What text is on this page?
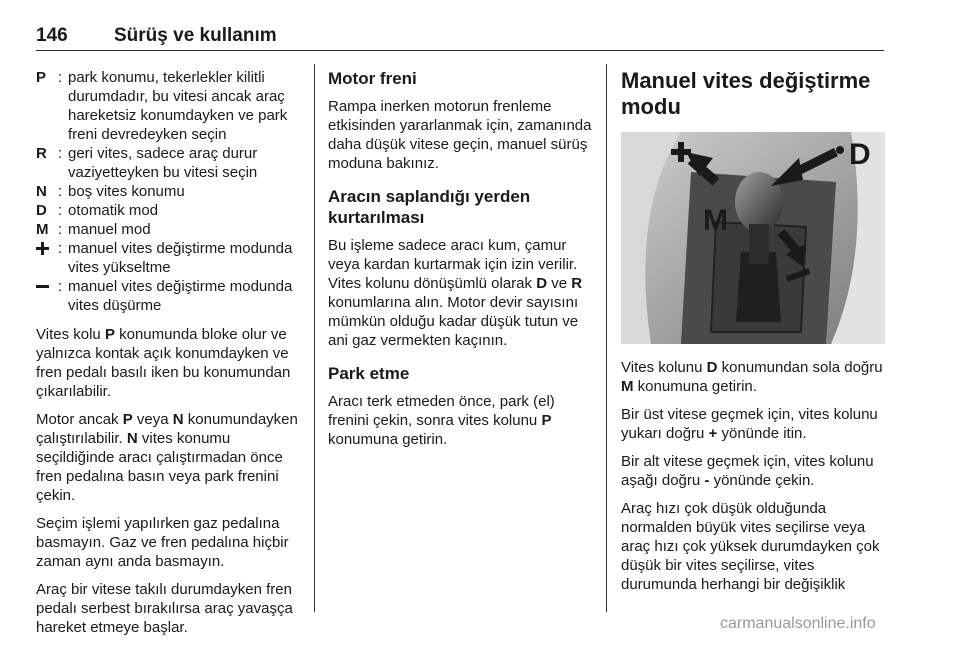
146 Sürüş ve kullanım
P : park konumu, tekerlekler kilitli durumdadır, bu vitesi ancak araç hareketsiz konumdayken ve park freni devredeyken seçin
R : geri vites, sadece araç durur vaziyetteyken bu vitesi seçin
N : boş vites konumu
D : otomatik mod
M : manuel mod
: manuel vites değiştirme modunda vites yükseltme
: manuel vites değiştirme modunda vites düşürme

Vites kolu P konumunda bloke olur ve yalnızca kontak açık konumdayken ve fren pedalı basılı iken bu konumundan çıkarılabilir.

Motor ancak P veya N konumundayken çalıştırılabilir. N vites konumu seçildiğinde aracı çalıştırmadan önce fren pedalına basın veya park frenini çekin.

Seçim işlemi yapılırken gaz pedalına basmayın. Gaz ve fren pedalına hiçbir zaman aynı anda basmayın.

Araç bir vitese takılı durumdayken fren pedalı serbest bırakılırsa araç yavaşça hareket etmeye başlar.

Motor freni

Rampa inerken motorun frenleme etkisinden yararlanmak için, zamanında daha düşük vitese geçin, manuel sürüş moduna bakınız.

Aracın saplandığı yerden kurtarılması

Bu işleme sadece aracı kum, çamur veya kardan kurtarmak için izin verilir. Vites kolunu dönüşümlü olarak D ve R konumlarına alın. Motor devir sayısını mümkün olduğu kadar düşük tutun ve ani gaz vermekten kaçının.

Park etme

Aracı terk etmeden önce, park (el) frenini çekin, sonra vites kolunu P konumuna getirin.

Manuel vites değiştirme modu
D
M

Vites kolunu D konumundan sola doğru M konumuna getirin.

Bir üst vitese geçmek için, vites kolunu yukarı doğru + yönünde itin.

Bir alt vitese geçmek için, vites kolunu aşağı doğru - yönünde çekin.

Araç hızı çok düşük olduğunda normalden büyük vites seçilirse veya araç hızı çok yüksek durumdayken çok düşük bir vites seçilirse, vites durumunda herhangi bir değişiklik

carmanualsonline.info
